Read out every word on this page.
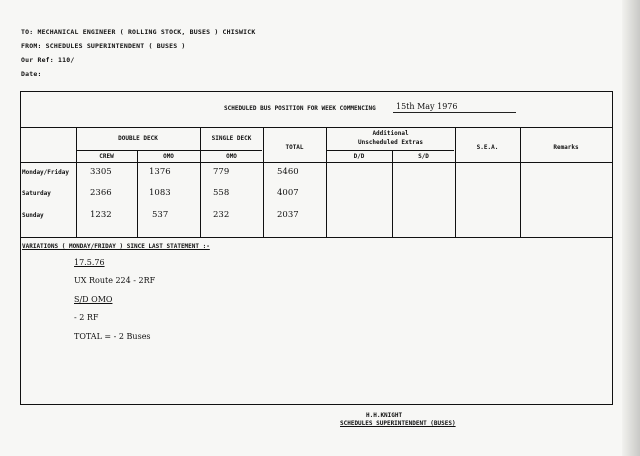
TO: MECHANICAL ENGINEER ( ROLLING STOCK, BUSES ) CHISWICK
FROM: SCHEDULES SUPERINTENDENT ( BUSES )
Our Ref: 110/
Date:
SCHEDULED BUS POSITION FOR WEEK COMMENCING	15th May 1976
DOUBLE DECK
CREW	OMO
SINGLE DECK
OMO
TOTAL
Additional
Unscheduled Extras
D/D	S/D
S.E.A.	Remarks
Monday/Friday 3305	1376	779	5460
Saturday	2366	1083	558	4007
Sunday	1232	537	232	2037
VARIATIONS ( MONDAY/FRIDAY ) SINCE LAST STATEMENT :-
17.5.76
UX Route 224 - 2RF
S/D OMO
- 2 RF
TOTAL = - 2 Buses
H.H.KNIGHT
SCHEDULES SUPERINTENDENT (BUSES)
